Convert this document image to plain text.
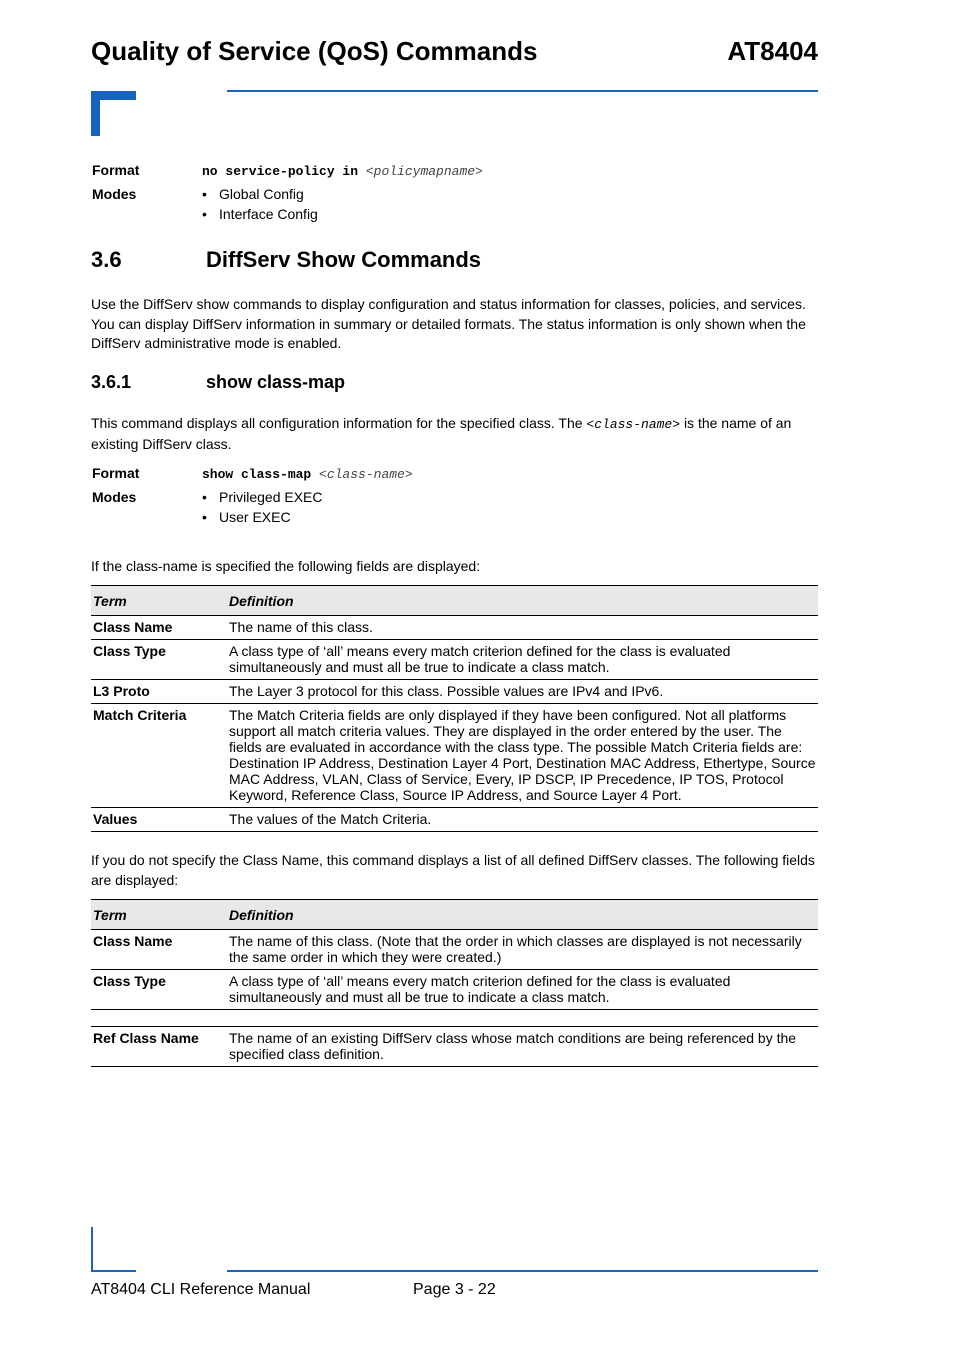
Quality of Service (QoS) Commands	AT8404
Format	no service-policy in <policymapname>
Modes	• Global Config
• Interface Config
3.6	DiffServ Show Commands
Use the DiffServ show commands to display configuration and status information for classes, policies, and services. You can display DiffServ information in summary or detailed formats. The status information is only shown when the DiffServ administrative mode is enabled.
3.6.1	show class-map
This command displays all configuration information for the specified class. The <class-name> is the name of an existing DiffServ class.
Format	show class-map <class-name>
Modes	• Privileged EXEC
• User EXEC
If the class-name is specified the following fields are displayed:
Term	Definition
Class Name	The name of this class.
Class Type	A class type of ‘all’ means every match criterion defined for the class is evaluated simultaneously and must all be true to indicate a class match.
L3 Proto	The Layer 3 protocol for this class. Possible values are IPv4 and IPv6.
Match Criteria	The Match Criteria fields are only displayed if they have been configured. Not all platforms support all match criteria values. They are displayed in the order entered by the user. The fields are evaluated in accordance with the class type. The possible Match Criteria fields are: Destination IP Address, Destination Layer 4 Port, Destination MAC Address, Ethertype, Source MAC Address, VLAN, Class of Service, Every, IP DSCP, IP Precedence, IP TOS, Protocol Keyword, Reference Class, Source IP Address, and Source Layer 4 Port.
Values	The values of the Match Criteria.
If you do not specify the Class Name, this command displays a list of all defined DiffServ classes. The following fields are displayed:
Term	Definition
Class Name	The name of this class. (Note that the order in which classes are displayed is not necessarily the same order in which they were created.)
Class Type	A class type of ‘all’ means every match criterion defined for the class is evaluated simultaneously and must all be true to indicate a class match.

Ref Class Name	The name of an existing DiffServ class whose match conditions are being referenced by the specified class definition.
AT8404 CLI Reference Manual	Page 3 - 22
